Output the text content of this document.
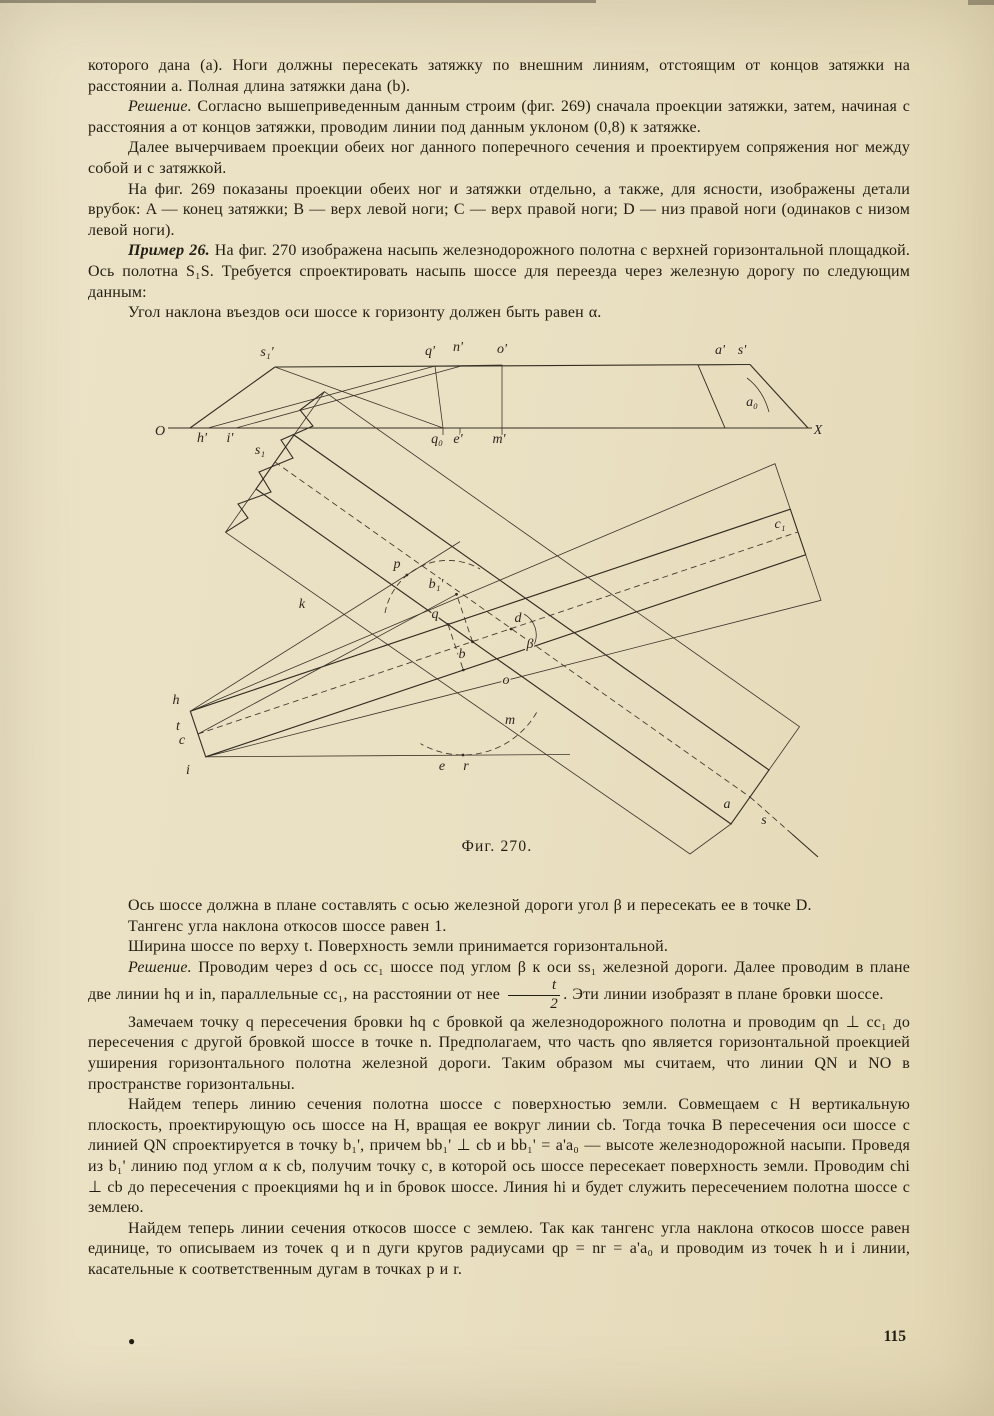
которого дана (a). Ноги должны пересекать затяжку по внешним линиям, отстоящим от концов затяжки на расстоянии a. Полная длина затяжки дана (b).

Решение. Согласно вышеприведенным данным строим (фиг. 269) сначала проекции затяжки, затем, начиная с расстояния a от концов затяжки, проводим линии под данным уклоном (0,8) к затяжке.

Далее вычерчиваем проекции обеих ног данного поперечного сечения и проектируем сопряжения ног между собой и с затяжкой.

На фиг. 269 показаны проекции обеих ног и затяжки отдельно, а также, для ясности, изображены детали врубок: A — конец затяжки; B — верх левой ноги; C — верх правой ноги; D — низ правой ноги (одинаков с низом левой ноги).

Пример 26. На фиг. 270 изображена насыпь железнодорожного полотна с верхней горизонтальной площадкой. Ось полотна S₁S. Требуется спроектировать насыпь шоссе для переезда через железную дорогу по следующим данным:

Угол наклона въездов оси шоссе к горизонту должен быть равен α.

O	X
s₁'	q' n' o'	a' s'
a₀
h' i'	q₀ e' m'
s₁
c₁
k
p
b₁'
q	d
β
b
o
m
h
t
c
i	e r
a
s
Фиг. 270.

Ось шоссе должна в плане составлять с осью железной дороги угол β и пересекать ее в точке D.

Тангенс угла наклона откосов шоссе равен 1.

Ширина шоссе по верху t. Поверхность земли принимается горизонтальной.

Решение. Проводим через d ось cc₁ шоссе под углом β к оси ss₁ железной дороги. Далее проводим в плане две линии hq и in, параллельные cc₁, на расстоянии от нее $\frac{t}{2}$ . Эти линии изобразят в плане бровки шоссе.

Замечаем точку q пересечения бровки hq с бровкой qa железнодорожного полотна и проводим qn ⊥ cc₁ до пересечения с другой бровкой шоссе в точке n. Предполагаем, что часть qno является горизонтальной проекцией уширения горизонтального полотна железной дороги. Таким образом мы считаем, что линии QN и NO в пространстве горизонтальны.

Найдем теперь линию сечения полотна шоссе с поверхностью земли. Совмещаем с H вертикальную плоскость, проектирующую ось шоссе на H, вращая ее вокруг линии cb. Тогда точка B пересечения оси шоссе с линией QN спроектируется в точку b₁', причем bb₁' ⊥ cb и bb₁' = a'a₀ — высоте железнодорожной насыпи. Проведя из b₁' линию под углом α к cb, получим точку c, в которой ось шоссе пересекает поверхность земли. Проводим chi ⊥ cb до пересечения с проекциями hq и in бровок шоссе. Линия hi и будет служить пересечением полотна шоссе с землею.

Найдем теперь линии сечения откосов шоссе с землею. Так как тангенс угла наклона откосов шоссе равен единице, то описываем из точек q и n дуги кругов радиусами qp = nr = a'a₀ и проводим из точек h и i линии, касательные к соответственным дугам в точках p и r.

115
●
